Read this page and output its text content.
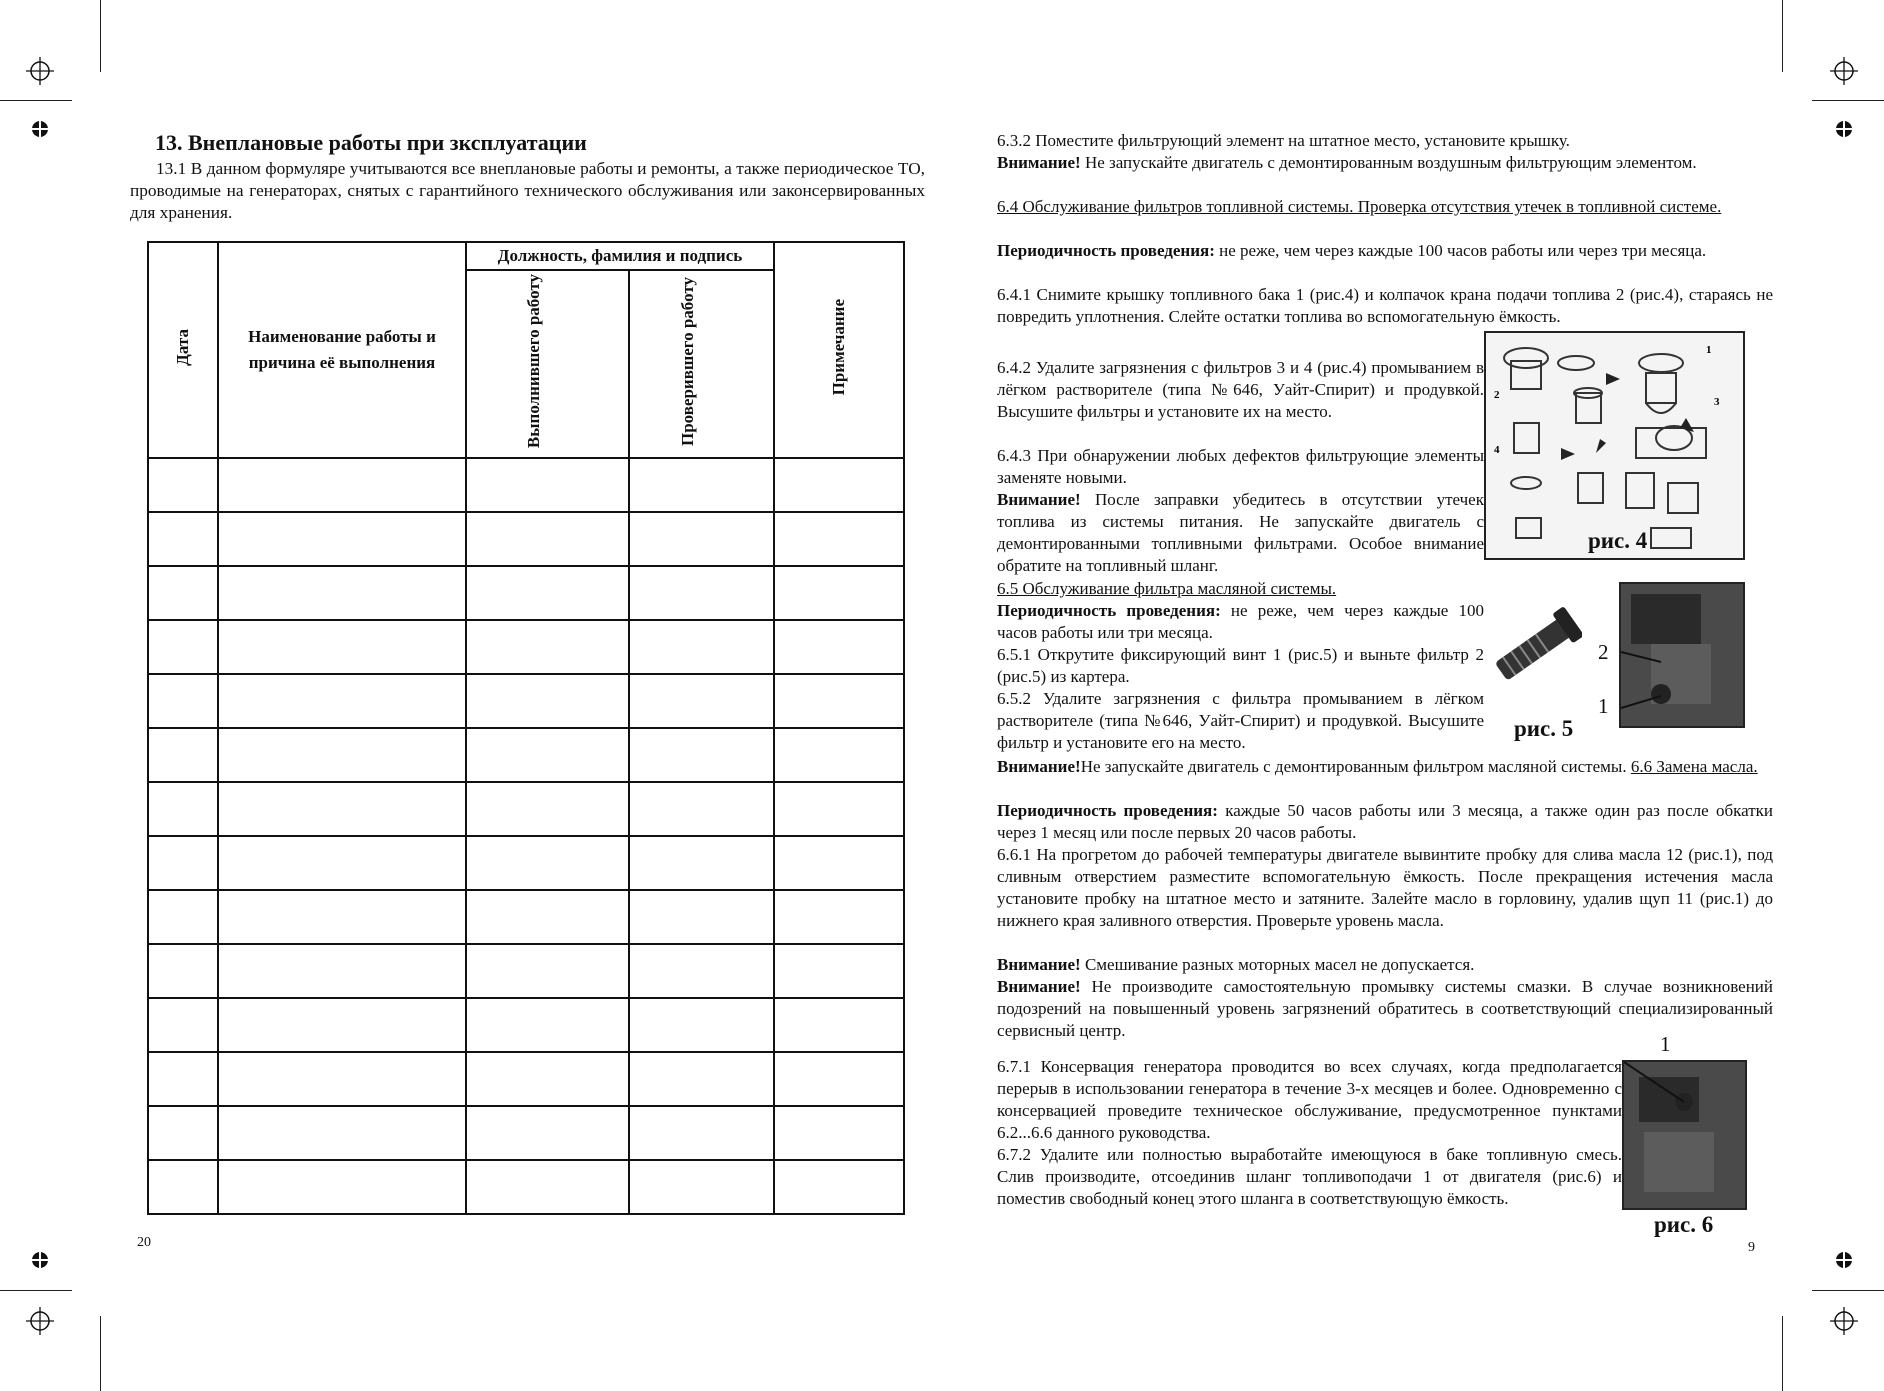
13. Внеплановые работы при зксплуатации

13.1 В данном формуляре учитываются все внеплановые работы и ремонты, а также периодическое ТО, проводимые на генераторах, снятых с гарантийного технического обслуживания или законсервированных для хранения.

Дата	Наименование работы и причина её выполнения	Должность, фамилия и подпись		Примечание
		Выполнившего работу	Проверившего работу	

20

6.3.2 Поместите фильтрующий элемент на штатное место, установите крышку.

Внимание! Не запускайте двигатель с демонтированным воздушным фильтрующим элементом.

6.4 Обслуживание фильтров топливной системы. Проверка отсутствия утечек в топливной системе.

Периодичность проведения: не реже, чем через каждые 100 часов работы или через три месяца.

6.4.1 Снимите крышку топливного бака 1 (рис.4) и колпачок крана подачи топлива 2 (рис.4), стараясь не повредить уплотнения. Слейте остатки топлива во вспомогательную ёмкость.

6.4.2 Удалите загрязнения с фильтров 3 и 4 (рис.4) промыванием в лёгком растворителе (типа №646, Уайт-Спирит) и продувкой. Высушите фильтры и установите их на место.

6.4.3 При обнаружении любых дефектов фильтрующие элементы заменяте новыми.

Внимание! После заправки убедитесь в отсутствии утечек топлива из системы питания. Не запускайте двигатель с демонтированными топливными фильтрами. Особое внимание обратите на топливный шланг.

1
2
3
4
рис. 4

6.5 Обслуживание фильтра масляной системы.

Периодичность проведения: не реже, чем через каждые 100 часов работы или три месяца.

6.5.1 Открутите фиксирующий винт 1 (рис.5) и выньте фильтр 2 (рис.5) из картера.

6.5.2 Удалите загрязнения с фильтра промыванием в лёгком растворителе (типа №646, Уайт-Спирит) и продувкой. Высушите фильтр и установите его на место.

2
1
рис. 5

Внимание!Не запускайте двигатель с демонтированным фильтром масляной системы. 6.6 Замена масла.

Периодичность проведения: каждые 50 часов работы или 3 месяца, а также один раз после обкатки через 1 месяц или после первых 20 часов работы.

6.6.1 На прогретом до рабочей температуры двигателе вывинтите пробку для слива масла 12 (рис.1), под сливным отверстием разместите вспомогательную ёмкость. После прекращения истечения масла установите пробку на штатное место и затяните. Залейте масло в горловину, удалив щуп 11 (рис.1) до нижнего края заливного отверстия. Проверьте уровень масла.

Внимание! Смешивание разных моторных масел не допускается.

Внимание! Не производите самостоятельную промывку системы смазки. В случае возникновений подозрений на повышенный уровень загрязнений обратитесь в соответствующий специализированный сервисный центр.

6.7.1 Консервация генератора проводится во всех случаях, когда предполагается перерыв в использовании генератора в течение 3-х месяцев и более. Одновременно с консервацией проведите техническое обслуживание, предусмотренное пунктами 6.2...6.6 данного руководства.

6.7.2 Удалите или полностью выработайте имеющуюся в баке топливную смесь. Слив производите, отсоединив шланг топливоподачи 1 от двигателя (рис.6) и поместив свободный конец этого шланга в соответствующую ёмкость.

1
рис. 6
9
